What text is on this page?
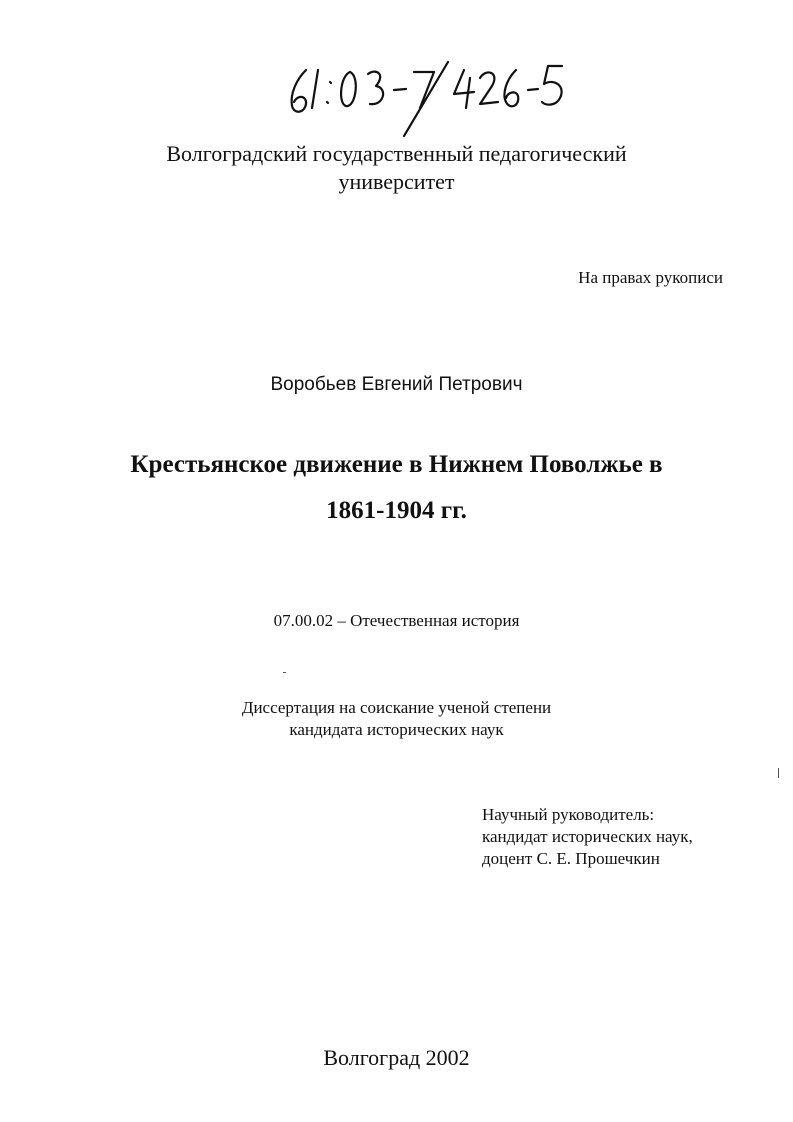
Волгоградский государственный педагогический
университет
На правах рукописи
Воробьев Евгений Петрович
Крестьянское движение в Нижнем Поволжье в
1861-1904 гг.
07.00.02 – Отечественная история
Диссертация на соискание ученой степени
кандидата исторических наук
Научный руководитель:
кандидат исторических наук,
доцент С. Е. Прошечкин
Волгоград 2002
